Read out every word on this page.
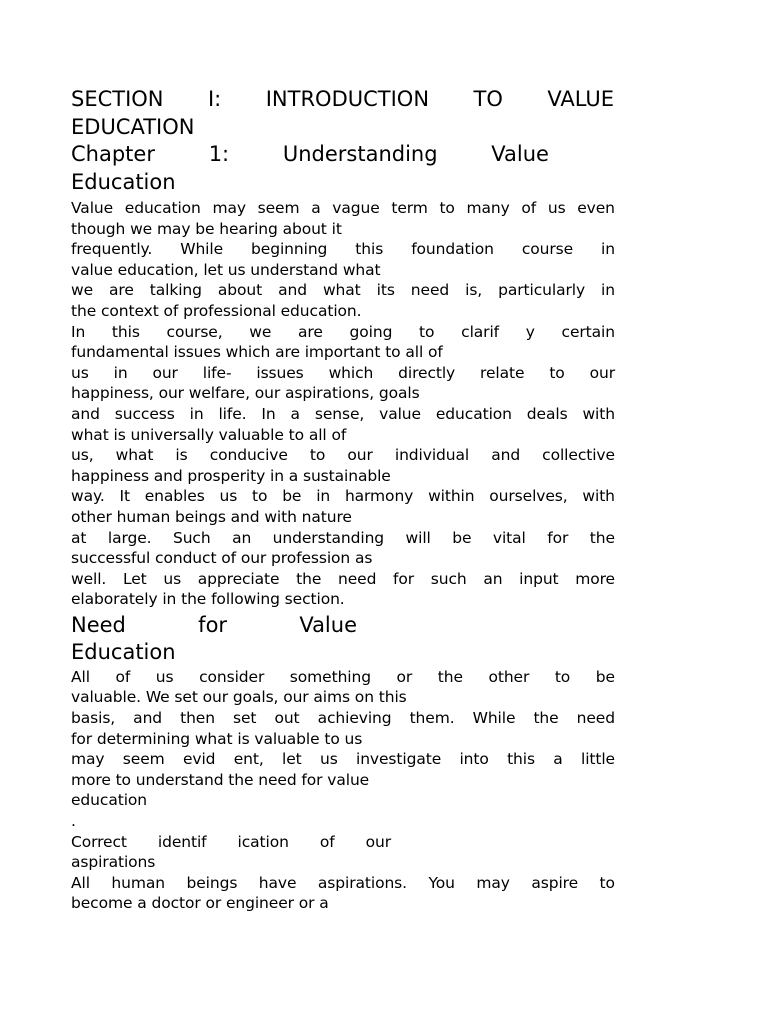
SECTION I: INTRODUCTION TO VALUE
EDUCATION
Chapter	1:	Understanding	Value
Education
Value education may seem a vague term to many of us even
though we may be hearing about it
frequently. While beginning this foundation course in
value education, let us understand what
we are talking about and what its need is, particularly in
the context of professional education.
In this course, we are going to clarif y certain
fundamental issues which are important to all of
us in our life- issues which directly relate to our
happiness, our welfare, our aspirations, goals
and success in life. In a sense, value education deals with
what is universally valuable to all of
us, what is conducive to our individual and collective
happiness and prosperity in a sustainable
way. It enables us to be in harmony within ourselves, with
other human beings and with nature
at large. Such an understanding will be vital for the
successful conduct of our profession as
well. Let us appreciate the need for such an input more
elaborately in the following section.
Need	for	Value
Education
All of us consider something or the other to be
valuable. We set our goals, our aims on this
basis, and then set out achieving them. While the need
for determining what is valuable to us
may seem evid ent, let us investigate into this a little
more to understand the need for value
education
.
Correct identif ication of our
aspirations
All human beings have aspirations. You may aspire to
become a doctor or engineer or a
